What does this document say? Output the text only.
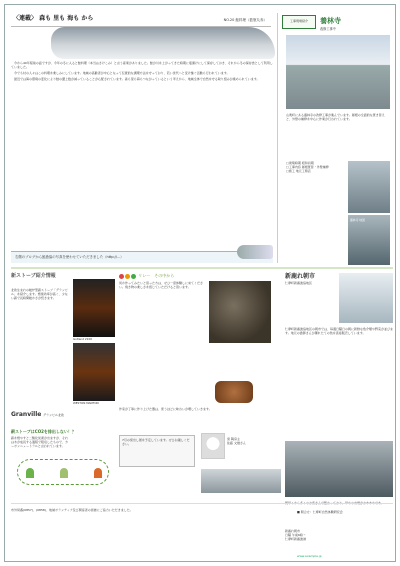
〈連載〉 森も 里も 海も から	NO.20 鮭料理（藍瓶丸寿）

今から40年程前の話ですが、今年の冬に入ると鮭料理（本当はさけこみ）と言う産業がありました。鮭が川を上がってきた時期に塩漬けにして保存しておき、それから冬の保存食として利用していました。

今でも村の人々はこの料理を楽しみにしています。地域の高齢者が中心となって伝統的な調理方法を守っており、若い世代へと受け継ぐ活動も行われています。

最近では海の環境の変化により鮭の遡上数が減っていることが心配されています。森も里も海もつながっているという考えから、地域全体で自然を守る取り組みが進められています。

右側のブログから鮭漁協の写真を使わせていただきました（http://...）
工事現場紹介	養林寺
改修工事中
山奥町にある養林寺の改修工事が進んでいます。屋根の全面的な葺き替えと、外壁の補修を中心に作業が行われています。
□建築時期 昭和初期
□工事内容 屋根葺替・外壁補修
□施工 地元工務店
養林寺 地図
新ストーブ紹介情報
北欧生まれの暖炉型薪ストーブ「グランビル」を紹介します。燃焼効率が高く、少ない薪で長時間暖かさが続きます。
Gotland 2100
WESTON MANTON
Granville グランビル北欧
薪ストーブはCO2を排出しない！？
薪を燃やすと二酸化炭素が出ますが、それは木が成長する過程で吸収したもので、カーボンニュートラルと言われています。
リレー　その中から
何か作ってみたいと思った方は、ぜひ一度体験しに来てください。焼き物の楽しさを感じていただけると思います。
作家が丁寧に作り上げた器は、使うほどに味わいが増していきます。
7月の窯出し展を予定しています。ぜひお越しください。
窯 陶房主
佐藤 文雄さん
新鹿れ朝市
仁摩町新鹿漁協地区
仁摩町新鹿漁協地区の朝市では、毎週日曜日の朝に新鮮な魚介類や野菜が並びます。地元の漁師さんが獲れたての魚を直接販売しています。
朝早くから多くのお客さんで賑わっており、早めの来場がおすすめです。
新鹿れ朝市
日曜 午前6時〜
仁摩町新鹿漁港
市外局番(0857)、(0858)、地域ボランティア及び関係者の皆様にご協力いただきました。	■ 問合せ：仁摩町自然体験研究会
www.example.jp
